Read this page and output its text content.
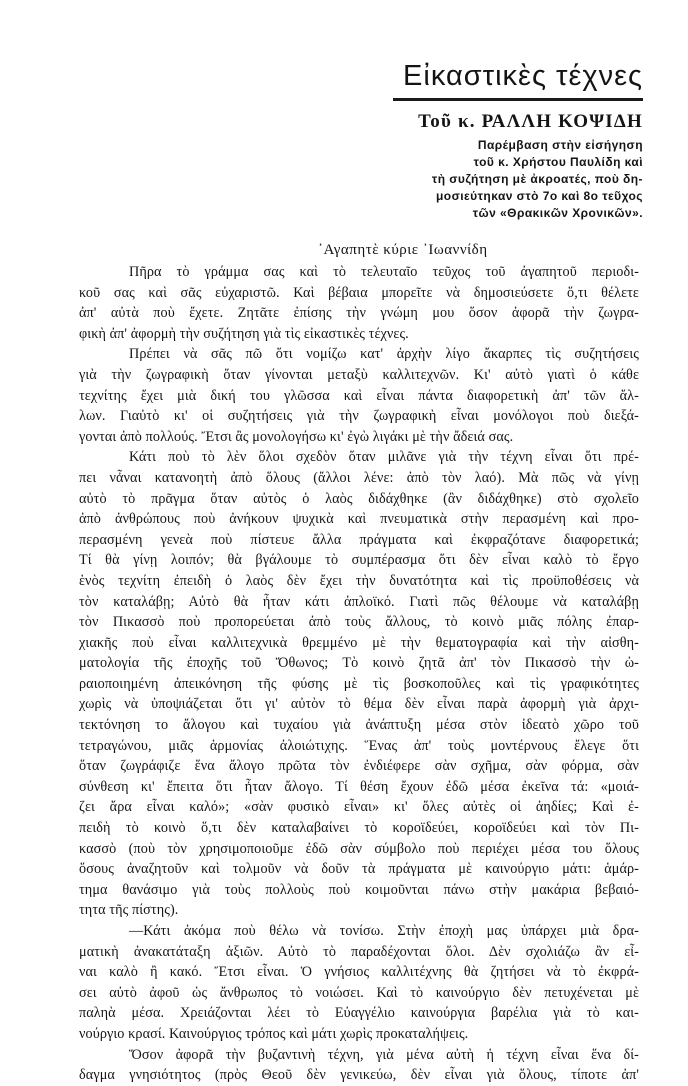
Εἰκαστικὲς τέχνες
Τοῦ κ. ΡΑΛΛΗ ΚΟΨΙΔΗ
Παρέμβαση στὴν εἰσήγηση
τοῦ κ. Χρήστου Παυλίδη καὶ
τὴ συζήτηση μὲ ἀκροατές, ποὺ δη-
μοσιεύτηκαν στὸ 7ο καὶ 8ο τεῦχος
τῶν «Θρακικῶν Χρονικῶν».
᾿Αγαπητὲ κύριε ᾿Ιωαννίδη
Πῆρα τὸ γράμμα σας καὶ τὸ τελευταῖο τεῦχος τοῦ ἀγαπητοῦ περιοδι-
κοῦ σας καὶ σᾶς εὐχαριστῶ. Καὶ βέβαια μπορεῖτε νὰ δημοσιεύσετε ὅ,τι θέλετε
ἀπ' αὐτὰ ποὺ ἔχετε. Ζητᾶτε ἐπίσης τὴν γνώμη μου ὅσον ἀφορᾶ τὴν ζωγρα-
φικὴ ἀπ' ἀφορμὴ τὴν συζήτηση γιὰ τὶς εἰκαστικὲς τέχνες.
Πρέπει νὰ σᾶς πῶ ὅτι νομίζω κατ' ἀρχὴν λίγο ἄκαρπες τὶς συζητήσεις
γιὰ τὴν ζωγραφικὴ ὅταν γίνονται μεταξὺ καλλιτεχνῶν. Κι' αὐτὸ γιατὶ ὁ κάθε
τεχνίτης ἔχει μιὰ δική του γλῶσσα καὶ εἶναι πάντα διαφορετικὴ ἀπ' τῶν ἄλ-
λων. Γιαὐτὸ κι' οἱ συζητήσεις γιὰ τὴν ζωγραφικὴ εἶναι μονόλογοι ποὺ διεξά-
γονται ἀπὸ πολλούς. Ἔτσι ἂς μονολογήσω κι' ἐγὼ λιγάκι μὲ τὴν ἄδειά σας.
Κάτι ποὺ τὸ λὲν ὅλοι σχεδὸν ὅταν μιλᾶνε γιὰ τὴν τέχνη εἶναι ὅτι πρέ-
πει νἆναι κατανοητὴ ἀπὸ ὅλους (ἄλλοι λένε: ἀπὸ τὸν λαό). Μὰ πῶς νὰ γίνῃ
αὐτὸ τὸ πρᾶγμα ὅταν αὐτὸς ὁ λαὸς διδάχθηκε (ἂν διδάχθηκε) στὸ σχολεῖο
ἀπὸ ἀνθρώπους ποὺ ἀνήκουν ψυχικὰ καὶ πνευματικὰ στὴν περασμένη καὶ προ-
περασμένη γενεὰ ποὺ πίστευε ἄλλα πράγματα καὶ ἐκφραζότανε διαφορετικά;
Τί θὰ γίνῃ λοιπόν; θὰ βγάλουμε τὸ συμπέρασμα ὅτι δὲν εἶναι καλὸ τὸ ἔργο
ἑνὸς τεχνίτη ἐπειδὴ ὁ λαὸς δὲν ἔχει τὴν δυνατότητα καὶ τὶς προϋποθέσεις νὰ
τὸν καταλάβῃ; Αὐτὸ θὰ ἦταν κάτι ἀπλοϊκό. Γιατὶ πῶς θέλουμε νὰ καταλάβῃ
τὸν Πικασσὸ ποὺ προπορεύεται ἀπὸ τοὺς ἄλλους, τὸ κοινὸ μιᾶς πόλης ἐπαρ-
χιακῆς ποὺ εἶναι καλλιτεχνικὰ θρεμμένο μὲ τὴν θεματογραφία καὶ τὴν αἰσθη-
ματολογία τῆς ἐποχῆς τοῦ Ὄθωνος; Τὸ κοινὸ ζητᾶ ἀπ' τὸν Πικασσὸ τὴν ὡ-
ραιοποιημένη ἀπεικόνηση τῆς φύσης μὲ τὶς βοσκοποῦλες καὶ τὶς γραφικότητες
χωρὶς νὰ ὑποψιάζεται ὅτι γι' αὐτὸν τὸ θέμα δὲν εἶναι παρὰ ἀφορμὴ γιὰ ἀρχι-
τεκτόνηση το ἄλογου καὶ τυχαίου γιὰ ἀνάπτυξη μέσα στὸν ἰδεατὸ χῶρο τοῦ
τετραγώνου, μιᾶς ἁρμονίας ἀλοιώτιχης. Ἕνας ἀπ' τοὺς μοντέρνους ἔλεγε ὅτι
ὅταν ζωγράφιζε ἕνα ἄλογο πρῶτα τὸν ἐνδιέφερε σὰν σχῆμα, σὰν φόρμα, σὰν
σύνθεση κι' ἔπειτα ὅτι ἦταν ἄλογο. Τί θέση ἔχουν ἐδῶ μέσα ἐκεῖνα τά: «μοιά-
ζει ἄρα εἶναι καλό»; «σὰν φυσικὸ εἶναι» κι' ὅλες αὐτὲς οἱ ἀηδίες; Καὶ ἐ-
πειδὴ τὸ κοινὸ ὅ,τι δὲν καταλαβαίνει τὸ κοροϊδεύει, κοροϊδεύει καὶ τὸν Πι-
κασσὸ (ποὺ τὸν χρησιμοποιοῦμε ἐδῶ σὰν σύμβολο ποὺ περιέχει μέσα του ὅλους
ὅσους ἀναζητοῦν καὶ τολμοῦν νὰ δοῦν τὰ πράγματα μὲ καινούργιο μάτι: ἁμάρ-
τημα θανάσιμο γιὰ τοὺς πολλοὺς ποὺ κοιμοῦνται πάνω στὴν μακάρια βεβαιό-
τητα τῆς πίστης).
—Κάτι ἀκόμα ποὺ θέλω νὰ τονίσω. Στὴν ἐποχὴ μας ὑπάρχει μιὰ δρα-
ματικὴ ἀνακατάταξη ἀξιῶν. Αὐτὸ τὸ παραδέχονται ὅλοι. Δὲν σχολιάζω ἂν εἶ-
ναι καλὸ ἢ κακό. Ἔτσι εἶναι. Ὁ γνήσιος καλλιτέχνης θὰ ζητήσει νὰ τὸ ἐκφρά-
σει αὐτὸ ἀφοῦ ὡς ἄνθρωπος τὸ νοιώσει. Καὶ τὸ καινούργιο δὲν πετυχένεται μὲ
παληὰ μέσα. Χρειάζονται λέει τὸ Εὐαγγέλιο καινούργια βαρέλια γιὰ τὸ και-
νούργιο κρασί. Καινούργιος τρόπος καὶ μάτι χωρὶς προκαταλήψεις.
Ὅσον ἀφορᾶ τὴν βυζαντινὴ τέχνη, γιὰ μένα αὐτὴ ἡ τέχνη εἶναι ἕνα δί-
δαγμα γνησιότητος (πρὸς Θεοῦ δὲν γενικεύω, δὲν εἶναι γιὰ ὅλους, τίποτε ἀπ'
